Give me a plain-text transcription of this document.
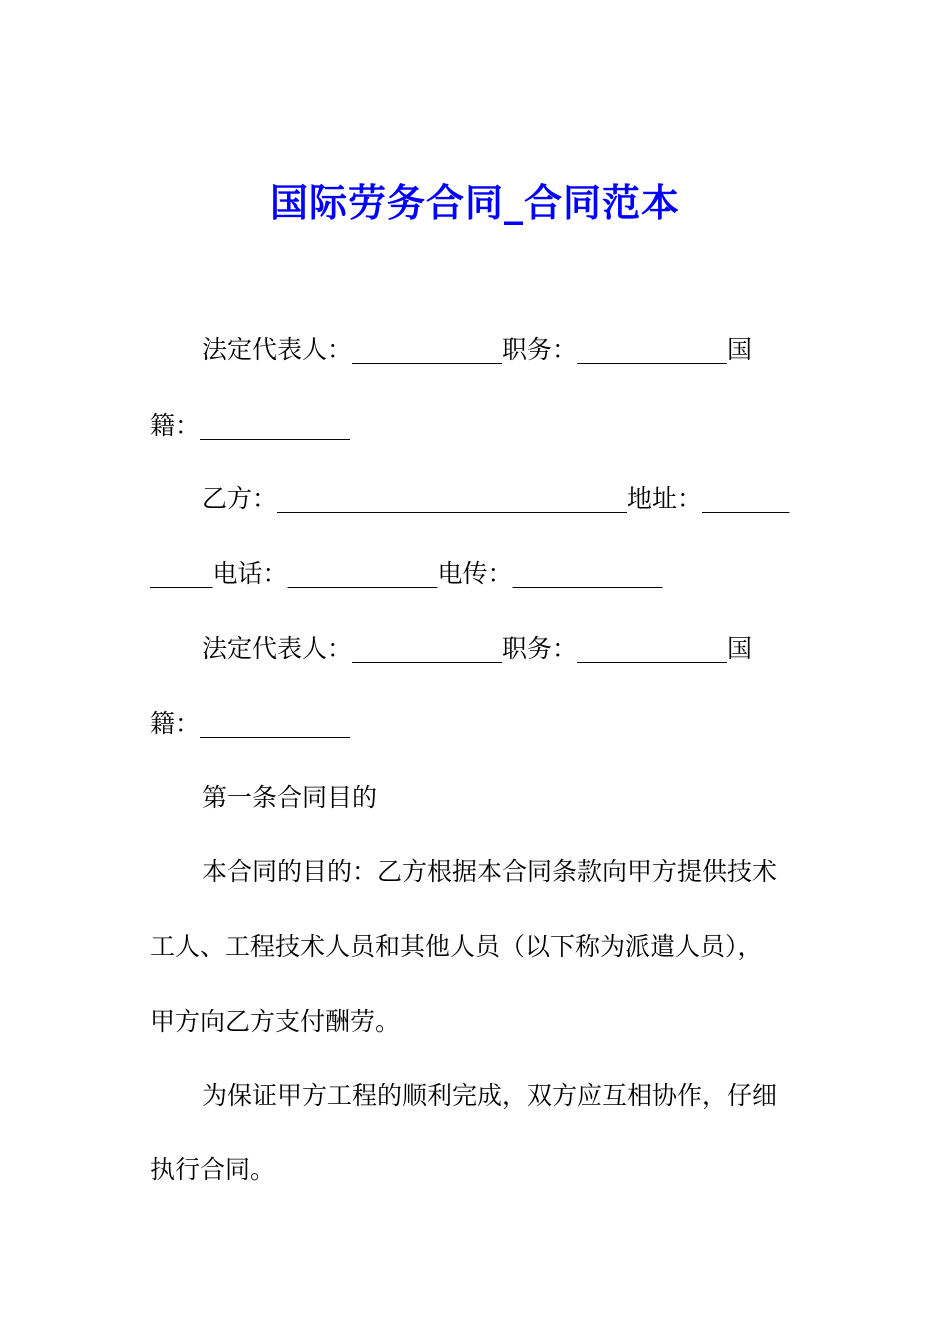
国际劳务合同_合同范本
法定代表人：____________职务：____________国
籍：____________
乙方：____________________________地址：_______
_____电话：____________电传：____________
法定代表人：____________职务：____________国
籍：____________
第一条合同目的
本合同的目的：乙方根据本合同条款向甲方提供技术
工人、工程技术人员和其他人员（以下称为派遣人员），
甲方向乙方支付酬劳。
为保证甲方工程的顺利完成，双方应互相协作，仔细
执行合同。
